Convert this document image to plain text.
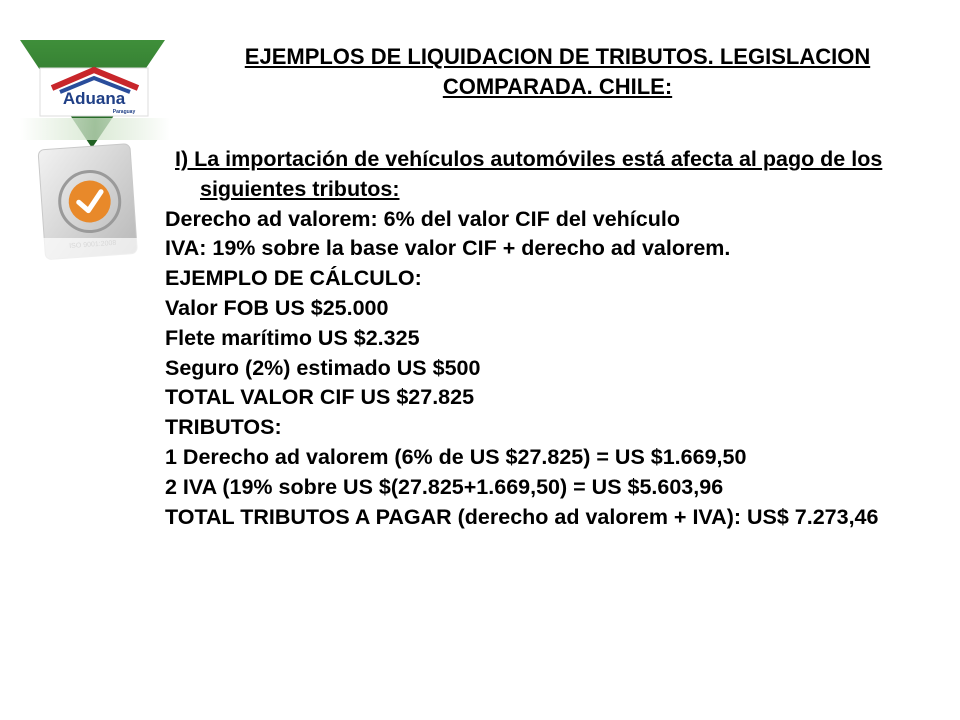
Aduana
Paraguay
EJEMPLOS DE LIQUIDACION DE TRIBUTOS. LEGISLACION
COMPARADA. CHILE:
I) La importación de vehículos automóviles está afecta al pago de los siguientes tributos:
Derecho ad valorem: 6% del valor CIF del vehículo
IVA: 19% sobre la base valor CIF + derecho ad valorem.
EJEMPLO DE CÁLCULO:
Valor FOB US $25.000
Flete marítimo US $2.325
Seguro (2%) estimado US $500
TOTAL VALOR CIF US $27.825
TRIBUTOS:
1 Derecho ad valorem (6% de US $27.825) = US $1.669,50
2 IVA (19% sobre US $(27.825+1.669,50) = US $5.603,96
TOTAL TRIBUTOS A PAGAR (derecho ad valorem + IVA): US$ 7.273,46
